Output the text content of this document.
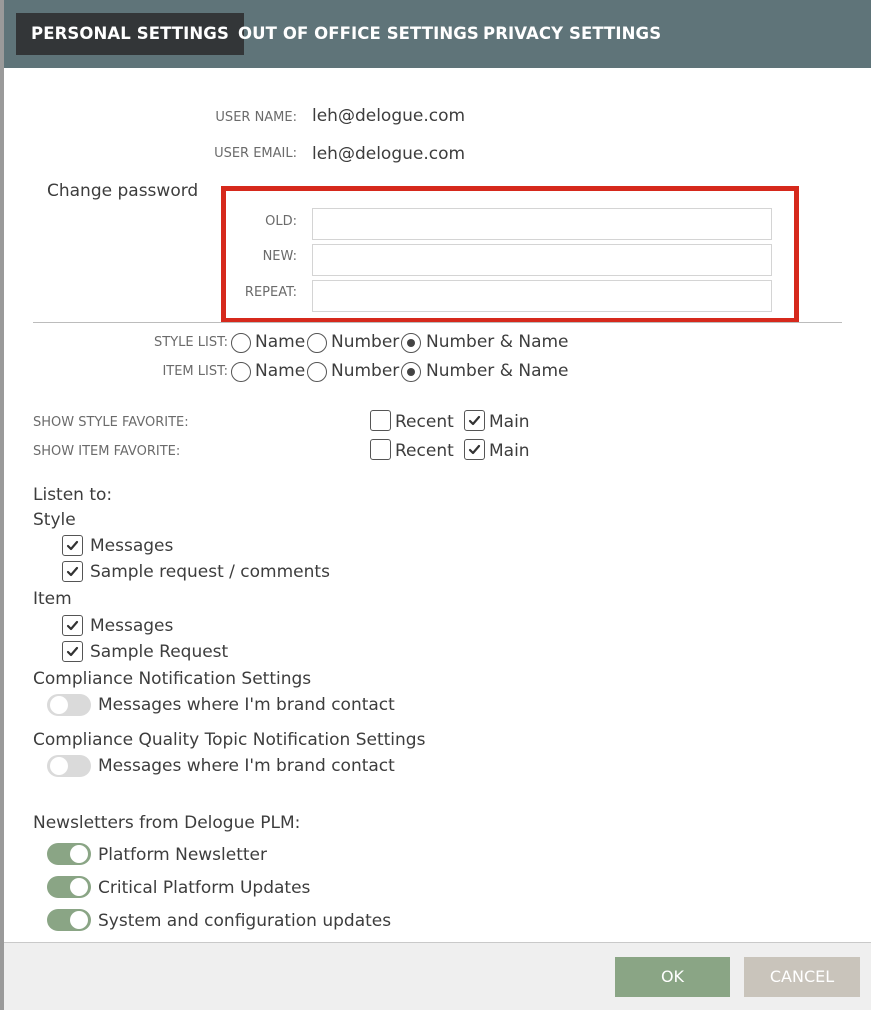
PERSONAL SETTINGS OUT OF OFFICE SETTINGS PRIVACY SETTINGS
USER NAME: leh@delogue.com
USER EMAIL: leh@delogue.com
Change password
OLD:
NEW:
REPEAT:
STYLE LIST: Name Number Number & Name
ITEM LIST: Name Number Number & Name
SHOW STYLE FAVORITE:	Recent Main
SHOW ITEM FAVORITE:	Recent Main
Listen to:
Style
Messages
Sample request / comments
Item
Messages
Sample Request
Compliance Notification Settings
Messages where I'm brand contact
Compliance Quality Topic Notification Settings
Messages where I'm brand contact
Newsletters from Delogue PLM:
Platform Newsletter
Critical Platform Updates
System and configuration updates
OK	CANCEL
